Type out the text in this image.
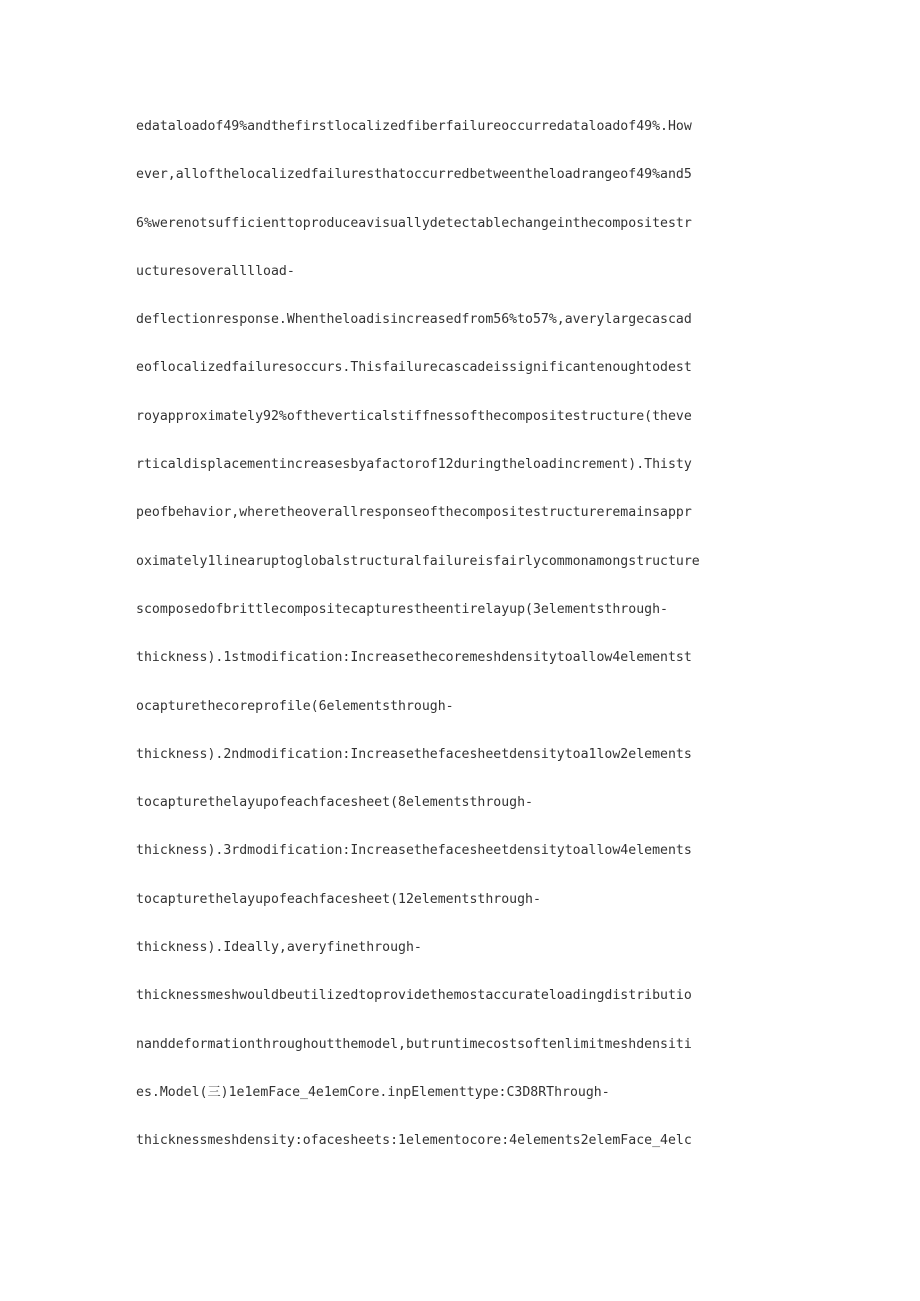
edataloadof49%andthefirstlocalizedfiberfailureoccurredataloadof49%.How
ever,allofthelocalizedfailuresthatoccurredbetweentheloadrangeof49%and5
6%werenotsufficienttoproduceavisuallydetectablechangeinthecompositestr
ucturesoveralllload-
deflectionresponse.Whentheloadisincreasedfrom56%to57%,averylargecascad
eoflocalizedfailuresoccurs.Thisfailurecascadeissignificantenoughtodest
royapproximately92%oftheverticalstiffnessofthecompositestructure(theve
rticaldisplacementincreasesbyafactorof12duringtheloadincrement).Thisty
peofbehavior,wheretheoverallresponseofthecompositestructureremainsappr
oximately1linearuptoglobalstructuralfailureisfairlycommonamongstructure
scomposedofbrittlecompositecapturestheentirelayup(3elementsthrough-
thickness).1stmodification:Increasethecoremeshdensitytoallow4elementst
ocapturethecoreprofile(6elementsthrough-
thickness).2ndmodification:Increasethefacesheetdensitytoa1low2elements
tocapturethelayupofeachfacesheet(8elementsthrough-
thickness).3rdmodification:Increasethefacesheetdensitytoallow4elements
tocapturethelayupofeachfacesheet(12elementsthrough-
thickness).Ideally,averyfinethrough-
thicknessmeshwouldbeutilizedtoprovidethemostaccurateloadingdistributio
nanddeformationthroughoutthemodel,butruntimecostsoftenlimitmeshdensiti
es.Model(三)1e1emFace_4e1emCore.inpElementtype:C3D8RThrough-
thicknessmeshdensity:ofacesheets:1elementocore:4elements2elemFace_4elc
